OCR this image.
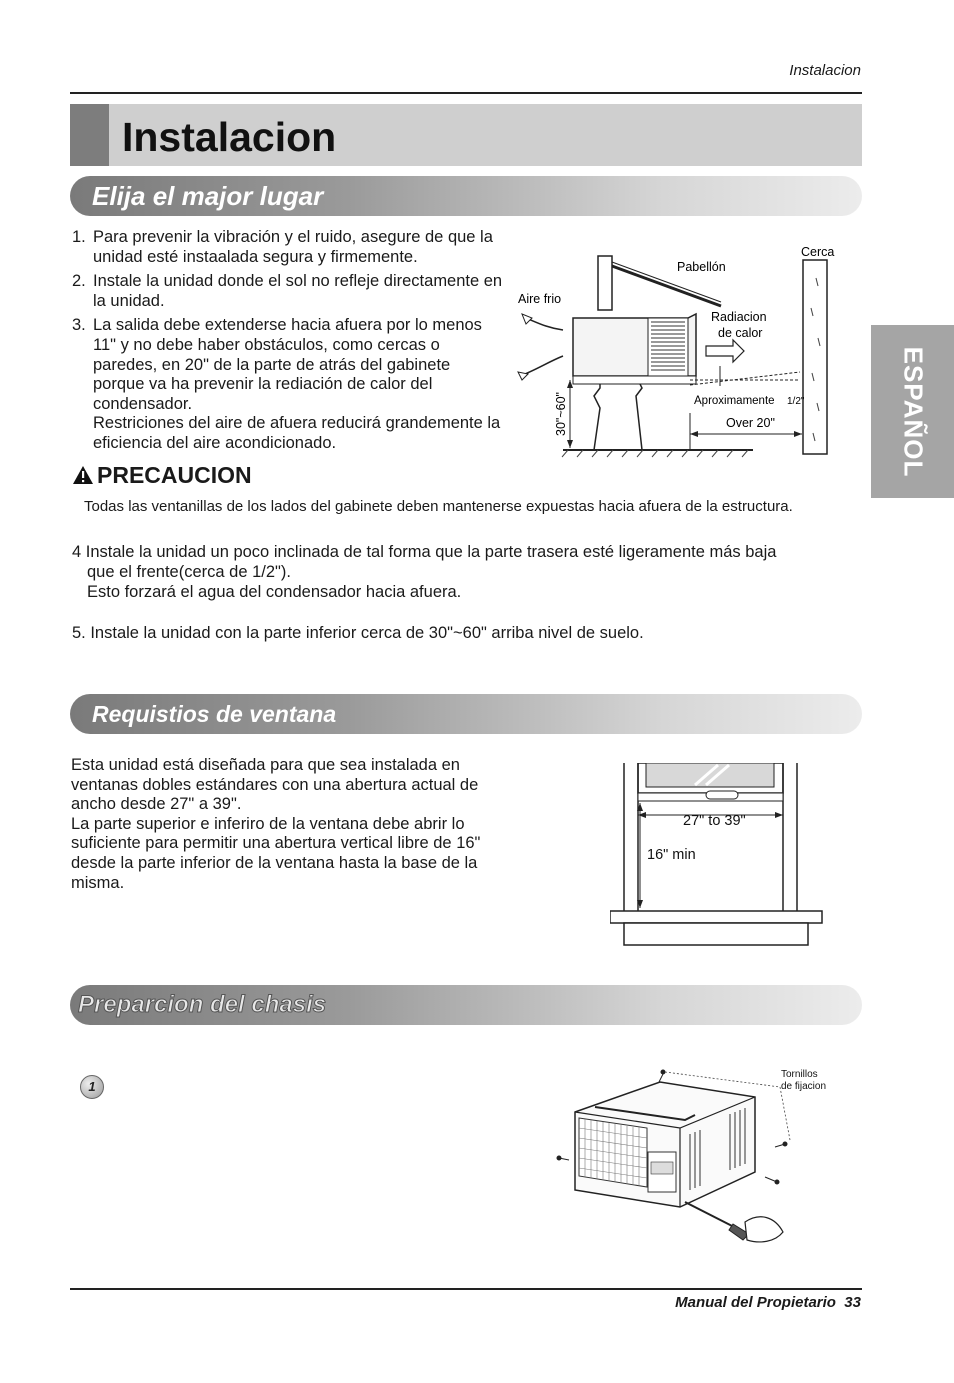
Instalacion
Instalacion
ESPAÑOL
Elija el major lugar
1. Para prevenir la vibración y el ruido, asegure de que la unidad esté instaalada segura y firmemente.
2. Instale la unidad donde el sol no refleje directamente en la unidad.
3. La salida debe extenderse hacia afuera por lo menos 11" y no debe haber obstáculos, como cercas o paredes, en 20" de la parte de atrás del gabinete porque va ha prevenir la rediación de calor del condensador.
Restriciones del aire de afuera reducirá grandemente la eficiencia del aire acondicionado.
Cerca
Pabellón
Aire frio
Radiacion
de calor
Aproximamente 1/2"
Over 20"
30"~60"
PRECAUCION
Todas las ventanillas de los lados del gabinete deben mantenerse expuestas hacia afuera de la estructura.
4 Instale la unidad un poco inclinada de tal forma que la parte trasera esté ligeramente más baja
que el frente(cerca de 1/2").
Esto forzará el agua del condensador hacia afuera.
5. Instale la unidad con la parte inferior cerca de 30"~60" arriba nivel de suelo.
Requistios de ventana
Esta unidad está diseñada para que sea instalada en ventanas dobles estándares con una abertura actual de ancho desde 27" a 39".
La parte superior e inferiro de la ventana debe abrir lo suficiente para permitir una abertura vertical libre de 16" desde la parte inferior de la ventana hasta la base de la misma.
27" to 39"
16" min
Preparcion del chasis
1
Tornillos
de fijacion
Manual del Propietario  33
